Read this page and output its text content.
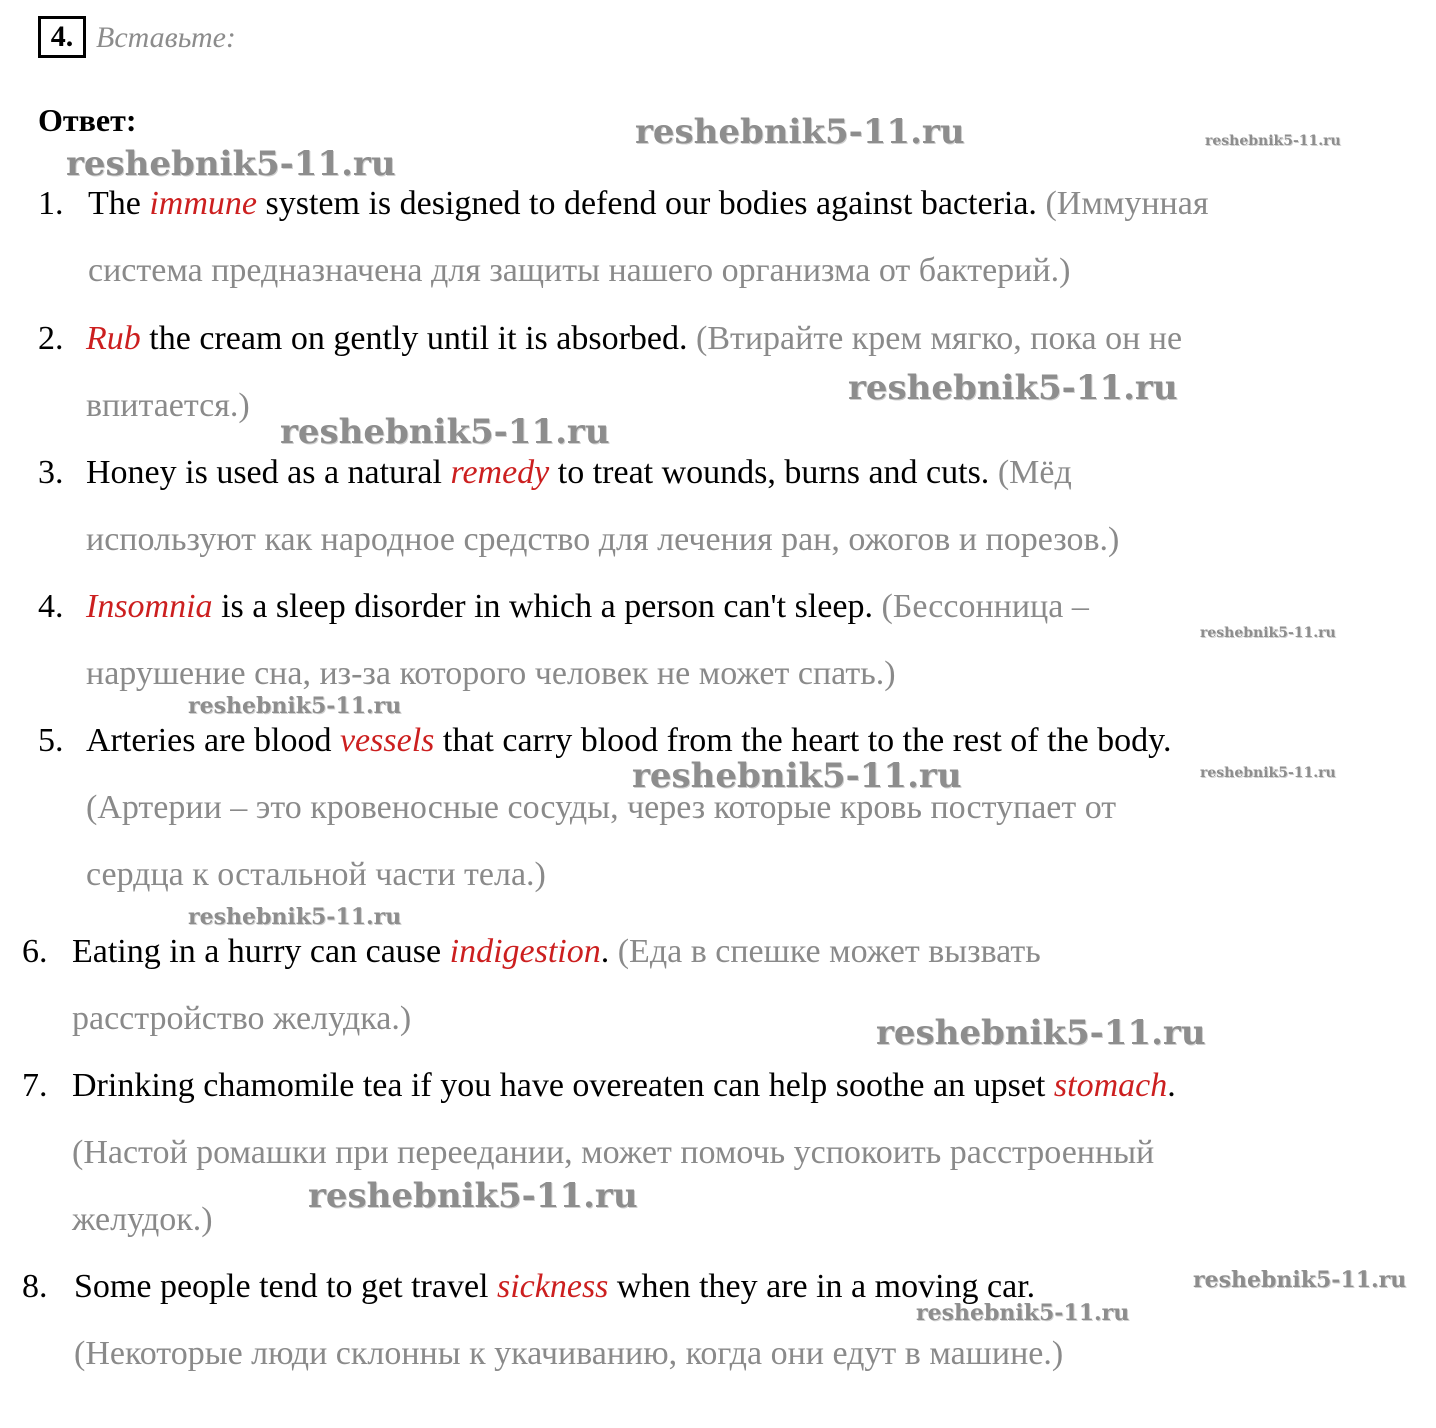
4. Вставьте:
Ответ:
1. The immune system is designed to defend our bodies against bacteria. (Иммунная
система предназначена для защиты нашего организма от бактерий.)
2. Rub the cream on gently until it is absorbed. (Втирайте крем мягко, пока он не
впитается.)
3. Honey is used as a natural remedy to treat wounds, burns and cuts. (Мёд
используют как народное средство для лечения ран, ожогов и порезов.)
4. Insomnia is a sleep disorder in which a person can't sleep. (Бессонница –
нарушение сна, из-за которого человек не может спать.)
5. Arteries are blood vessels that carry blood from the heart to the rest of the body.
(Артерии – это кровеносные сосуды, через которые кровь поступает от
сердца к остальной части тела.)
6. Eating in a hurry can cause indigestion. (Еда в спешке может вызвать
расстройство желудка.)
7. Drinking chamomile tea if you have overeaten can help soothe an upset stomach.
(Настой ромашки при переедании, может помочь успокоить расстроенный
желудок.)
8. Some people tend to get travel sickness when they are in a moving car.
(Некоторые люди склонны к укачиванию, когда они едут в машине.)
reshebnik5-11.ru	reshebnik5-11.ru
reshebnik5-11.ru
reshebnik5-11.ru
reshebnik5-11.ru
reshebnik5-11.ru
reshebnik5-11.ru
reshebnik5-11.ru	reshebnik5-11.ru
reshebnik5-11.ru
reshebnik5-11.ru
reshebnik5-11.ru
reshebnik5-11.ru
reshebnik5-11.ru
